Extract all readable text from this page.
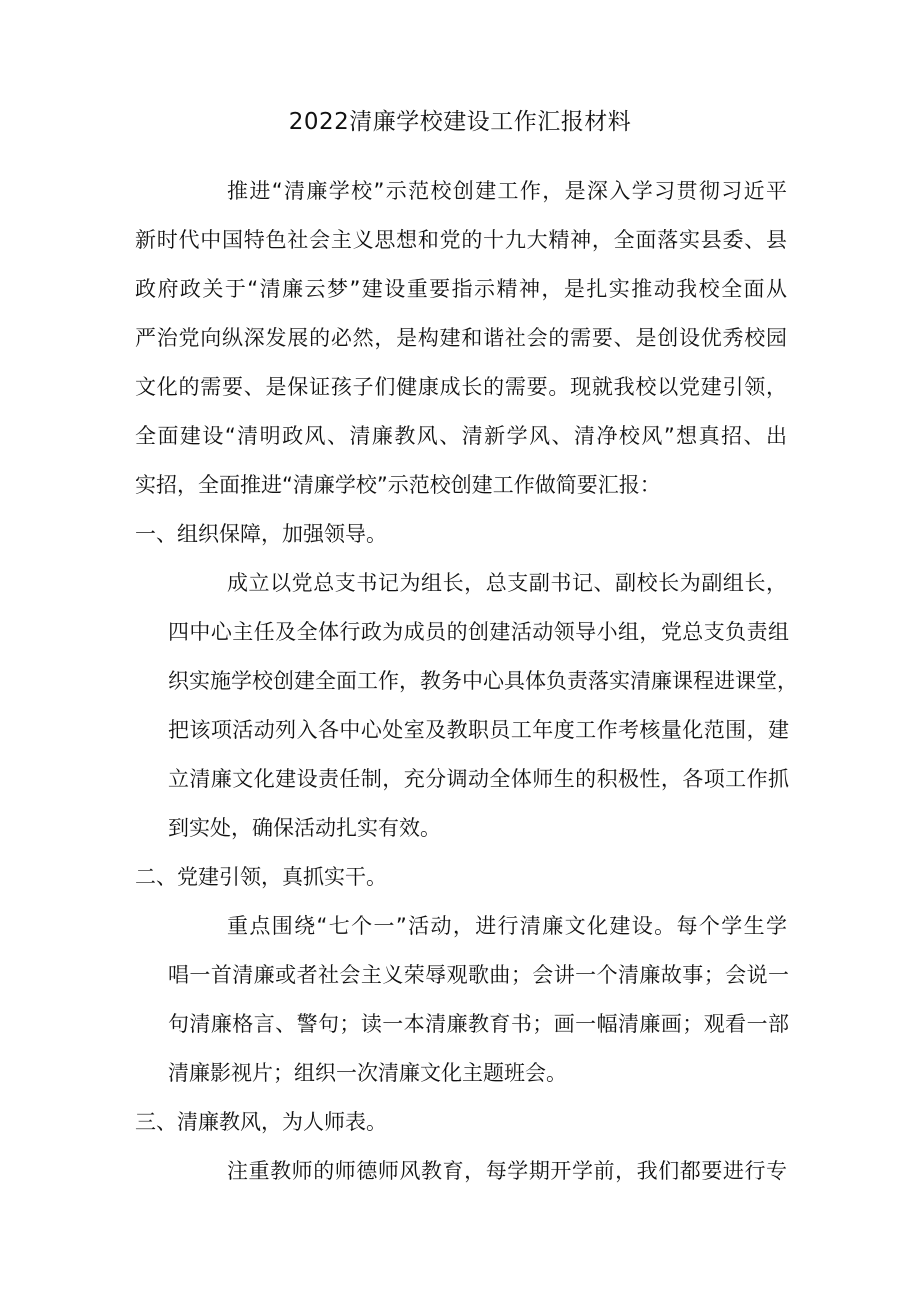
2022清廉学校建设工作汇报材料
推进“清廉学校”示范校创建工作，是深入学习贯彻习近平
新时代中国特色社会主义思想和党的十九大精神，全面落实县委、县
政府政关于“清廉云梦”建设重要指示精神，是扎实推动我校全面从
严治党向纵深发展的必然，是构建和谐社会的需要、是创设优秀校园
文化的需要、是保证孩子们健康成长的需要。现就我校以党建引领，
全面建设“清明政风、清廉教风、清新学风、清净校风”想真招、出
实招，全面推进“清廉学校”示范校创建工作做简要汇报：
一、组织保障，加强领导。
成立以党总支书记为组长，总支副书记、副校长为副组长，
四中心主任及全体行政为成员的创建活动领导小组，党总支负责组
织实施学校创建全面工作，教务中心具体负责落实清廉课程进课堂，
把该项活动列入各中心处室及教职员工年度工作考核量化范围，建
立清廉文化建设责任制，充分调动全体师生的积极性，各项工作抓
到实处，确保活动扎实有效。
二、党建引领，真抓实干。
重点围绕“七个一”活动，进行清廉文化建设。每个学生学
唱一首清廉或者社会主义荣辱观歌曲；会讲一个清廉故事；会说一
句清廉格言、警句；读一本清廉教育书；画一幅清廉画；观看一部
清廉影视片；组织一次清廉文化主题班会。
三、清廉教风，为人师表。
注重教师的师德师风教育，每学期开学前，我们都要进行专
